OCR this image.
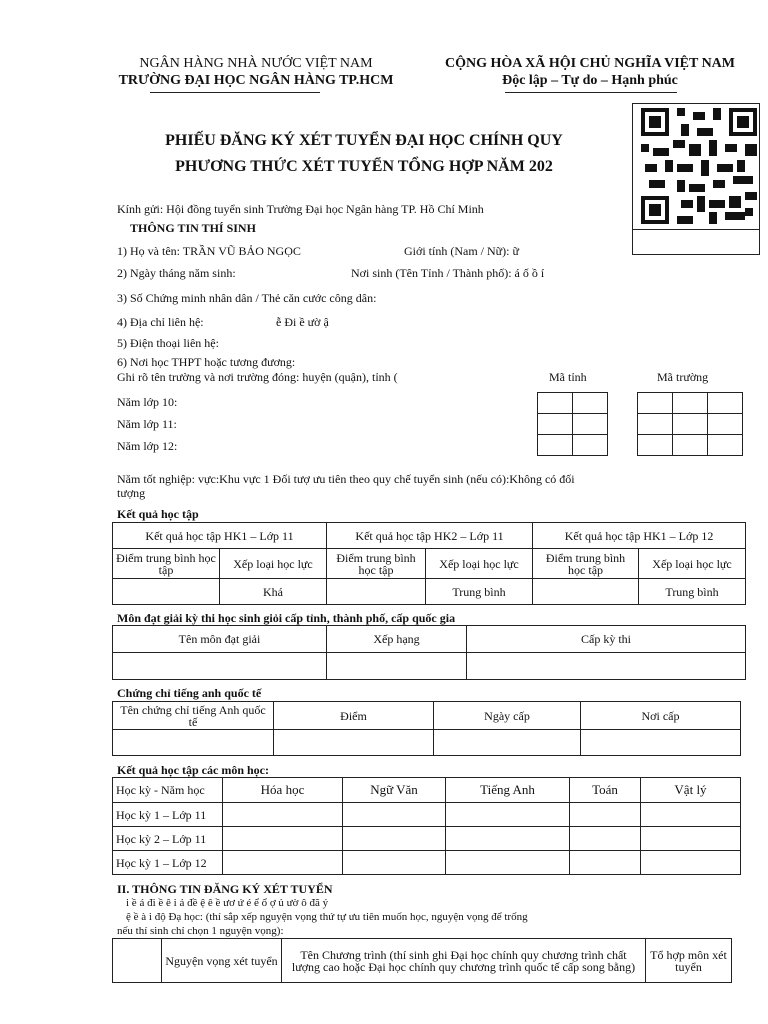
NGÂN HÀNG NHÀ NƯỚC VIỆT NAM
TRƯỜNG ĐẠI HỌC NGÂN HÀNG TP.HCM
CỘNG HÒA XÃ HỘI CHỦ NGHĨA VIỆT NAM
Độc lập – Tự do – Hạnh phúc
PHIẾU ĐĂNG KÝ XÉT TUYỂN ĐẠI HỌC CHÍNH QUY
PHƯƠNG THỨC XÉT TUYỂN TỔNG HỢP NĂM 202
Kính gửi: Hội đồng tuyển sinh Trường Đại học Ngân hàng TP. Hồ Chí Minh
THÔNG TIN THÍ SINH
1) Họ và tên: TRẦN VŨ BẢO NGỌC	Giới tính (Nam / Nữ): ữ
2) Ngày tháng năm sinh:	Nơi sinh (Tên Tỉnh / Thành phố): á ố ồ í
3) Số Chứng minh nhân dân / Thẻ căn cước công dân:
4) Địa chỉ liên hệ:	ễ Đi ề ườ ậ
5) Điện thoại liên hệ:
6) Nơi học THPT hoặc tương đương:
Ghi rõ tên trường và nơi trường đóng: huyện (quận), tỉnh (	Mã tỉnh	Mã trường
Năm lớp 10:
Năm lớp 11:
Năm lớp 12:

Năm tốt nghiệp: vực:Khu vực 1 Đối tượ ưu tiên theo quy chế tuyển sinh (nếu có):Không có đối
tượng
Kết quả học tập
Kết quả học tập HK1 – Lớp 11		Kết quả học tập HK2 – Lớp 11		Kết quả học tập HK1 – Lớp 12	
Điểm trung bình học tập	Xếp loại học lực	Điểm trung bình học tập	Xếp loại học lực	Điểm trung bình học tập	Xếp loại học lực
	Khá		Trung bình		Trung bình
Môn đạt giải kỳ thi học sinh giỏi cấp tỉnh, thành phố, cấp quốc gia
Tên môn đạt giải	Xếp hạng	Cấp kỳ thi

Chứng chỉ tiếng anh quốc tế
Tên chứng chỉ tiếng Anh quốc tế	Điểm	Ngày cấp	Nơi cấp

Kết quả học tập các môn học:
Học kỳ - Năm học	Hóa học	Ngữ Văn	Tiếng Anh	Toán	Vật lý
Học kỳ 1 – Lớp 11					
Học kỳ 2 – Lớp 11					
Học kỳ 1 – Lớp 12					
II. THÔNG TIN ĐĂNG KÝ XÉT TUYỂN
i ề á đi ề ê i ả đề ệ ê ề ươ ứ é ể ổ ợ ủ ườ ô đã ý
ệ ề à i độ Đạ học: (thí sắp xếp nguyện vọng thứ tự ưu tiên muốn học, nguyện vọng để trống
nếu thí sinh chỉ chọn 1 nguyện vọng):
	Nguyện vọng xét tuyển	Tên Chương trình (thí sinh ghi Đại học chính quy chương trình chất lượng cao hoặc Đại học chính quy chương trình quốc tế cấp song bằng)	Tổ hợp môn xét tuyển
